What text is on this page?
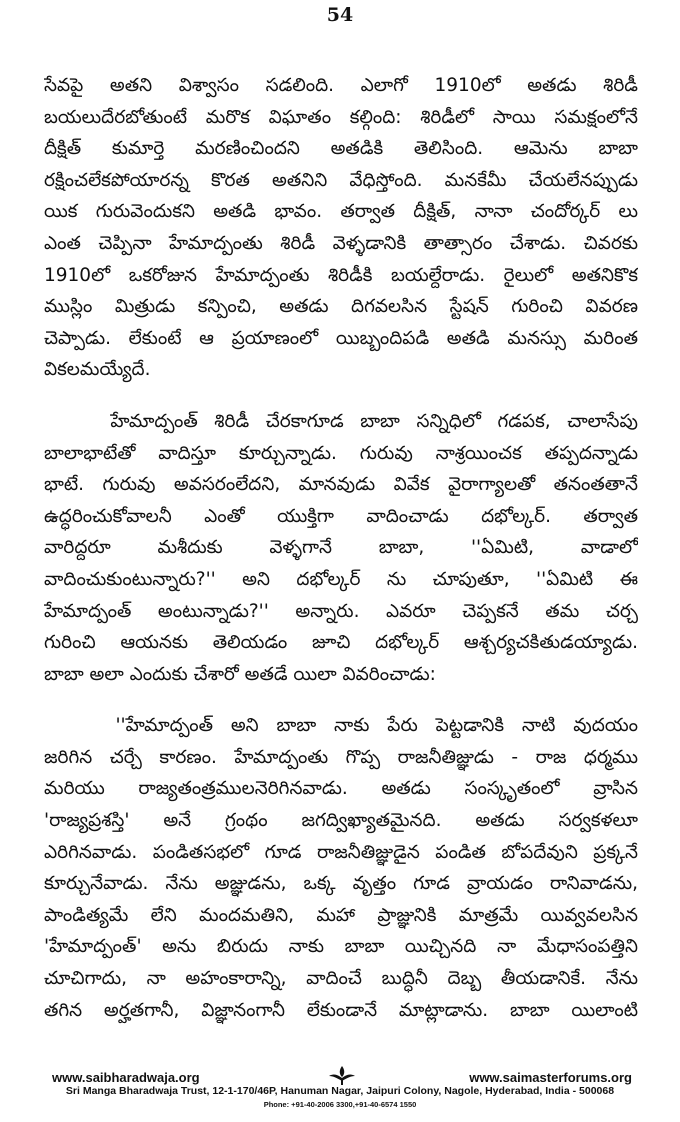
54
సేవపై అతని విశ్వాసం సడలింది. ఎలాగో 1910లో అతడు శిరిడీ
బయలుదేరబోతుంటే మరొక విఘాతం కల్గింది: శిరిడీలో సాయి సమక్షంలోనే
దీక్షిత్ కుమార్తె మరణించిందని అతడికి తెలిసింది. ఆమెను బాబా
రక్షించలేకపోయారన్న కొరత అతనిని వేధిస్తోంది. మనకేమీ చేయలేనప్పుడు
యిక గురువెందుకని అతడి భావం. తర్వాత దీక్షిత్, నానా చందోర్కర్ లు
ఎంత చెప్పినా హేమాద్పంతు శిరిడీ వెళ్ళడానికి తాత్సారం చేశాడు. చివరకు
1910లో ఒకరోజున హేమాద్పంతు శిరిడీకి బయల్దేరాడు. రైలులో అతనికొక
ముస్లిం మిత్రుడు కన్పించి, అతడు దిగవలసిన స్టేషన్ గురించి వివరణ
చెప్పాడు. లేకుంటే ఆ ప్రయాణంలో యిబ్బందిపడి అతడి మనస్సు మరింత
వికలమయ్యేదే.
హేమాద్పంత్ శిరిడీ చేరకాగూడ బాబా సన్నిధిలో గడపక, చాలాసేపు
బాలాభాటేతో వాదిస్తూ కూర్చున్నాడు. గురువు నాశ్రయించక తప్పదన్నాడు
భాటే. గురువు అవసరంలేదని, మానవుడు వివేక వైరాగ్యాలతో తనంతతానే
ఉద్ధరించుకోవాలనీ ఎంతో యుక్తిగా వాదించాడు దభోల్కర్. తర్వాత
వారిద్దరూ మశీదుకు వెళ్ళగానే బాబా, ''ఏమిటి, వాడాలో
వాదించుకుంటున్నారు?'' అని దభోల్కర్ ను చూపుతూ, ''ఏమిటి ఈ
హేమాద్పంత్ అంటున్నాడు?'' అన్నారు. ఎవరూ చెప్పకనే తమ చర్చ
గురించి ఆయనకు తెలియడం జూచి దభోల్కర్ ఆశ్చర్యచకితుడయ్యాడు.
బాబా అలా ఎందుకు చేశారో అతడే యిలా వివరించాడు:
''హేమాద్పంత్ అని బాబా నాకు పేరు పెట్టడానికి నాటి వుదయం
జరిగిన చర్చే కారణం. హేమాద్పంతు గొప్ప రాజనీతిజ్ఞుడు - రాజ ధర్మము
మరియు రాజ్యతంత్రములనెరిగినవాడు. అతడు సంస్కృతంలో వ్రాసిన
'రాజ్యప్రశస్తి' అనే గ్రంథం జగద్విఖ్యాతమైనది. అతడు సర్వకళలూ
ఎరిగినవాడు. పండితసభలో గూడ రాజనీతిజ్ఞుడైన పండిత బోపదేవుని ప్రక్కనే
కూర్చునేవాడు. నేను అజ్ఞుడను, ఒక్క వృత్తం గూడ వ్రాయడం రానివాడను,
పాండిత్యమే లేని మందమతిని, మహా ప్రాజ్ఞునికి మాత్రమే యివ్వవలసిన
'హేమాద్పంత్' అను బిరుదు నాకు బాబా యిచ్చినది నా మేధాసంపత్తిని
చూచిగాదు, నా అహంకారాన్ని, వాదించే బుద్ధినీ దెబ్బ తీయడానికే. నేను
తగిన అర్హతగానీ, విజ్ఞానంగానీ లేకుండానే మాట్లాడాను. బాబా యిలాంటి
www.saibharadwaja.org	www.saimasterforums.org
Sri Manga Bharadwaja Trust, 12-1-170/46P, Hanuman Nagar, Jaipuri Colony, Nagole, Hyderabad, India - 500068
Phone: +91-40-2006 3300,+91-40-6574 1550
